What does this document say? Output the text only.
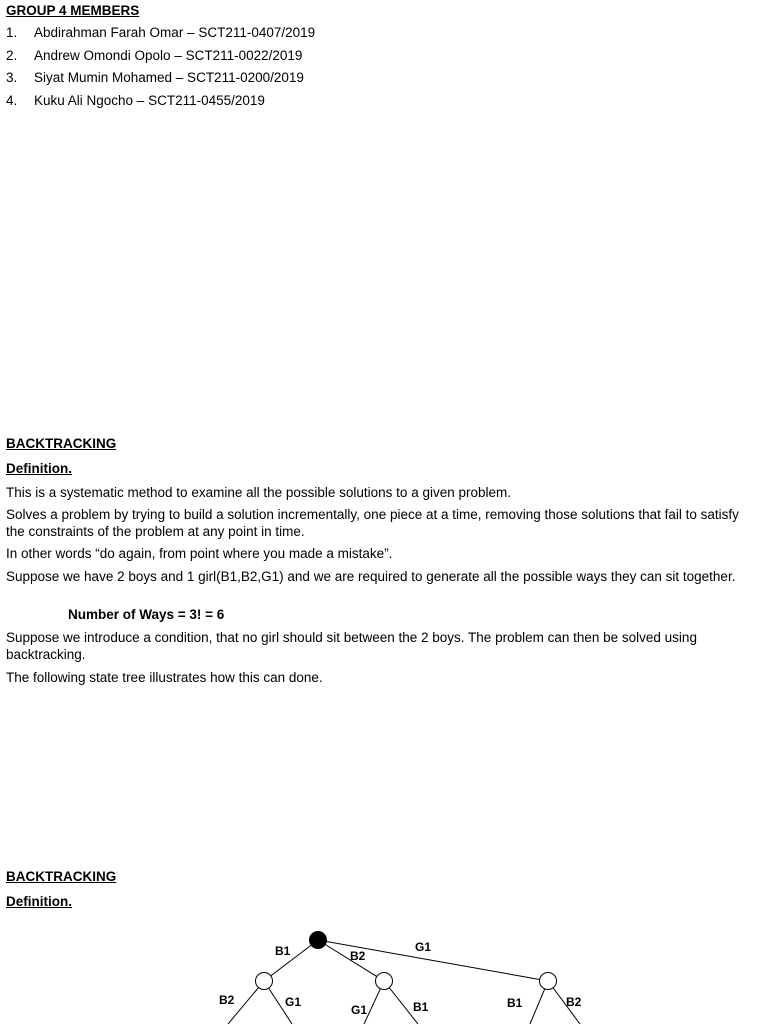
GROUP 4 MEMBERS

1. Abdirahman Farah Omar – SCT211-0407/2019
2. Andrew Omondi Opolo – SCT211-0022/2019
3. Siyat Mumin Mohamed – SCT211-0200/2019
4. Kuku Ali Ngocho – SCT211-0455/2019

BACKTRACKING

Definition.

This is a systematic method to examine all the possible solutions to a given problem.

Solves a problem by trying to build a solution incrementally, one piece at a time, removing those solutions that fail to satisfy the constraints of the problem at any point in time.

In other words “do again, from point where you made a mistake”.

Suppose we have 2 boys and 1 girl(B1,B2,G1) and we are required to generate all the possible ways they can sit together.

Number of Ways = 3! = 6

Suppose we introduce a condition, that no girl should sit between the 2 boys. The problem can then be solved using backtracking.

The following state tree illustrates how this can done.

BACKTRACKING

Definition.

B1	B2
G1
B2	G1
G1	B1	B1	B2
